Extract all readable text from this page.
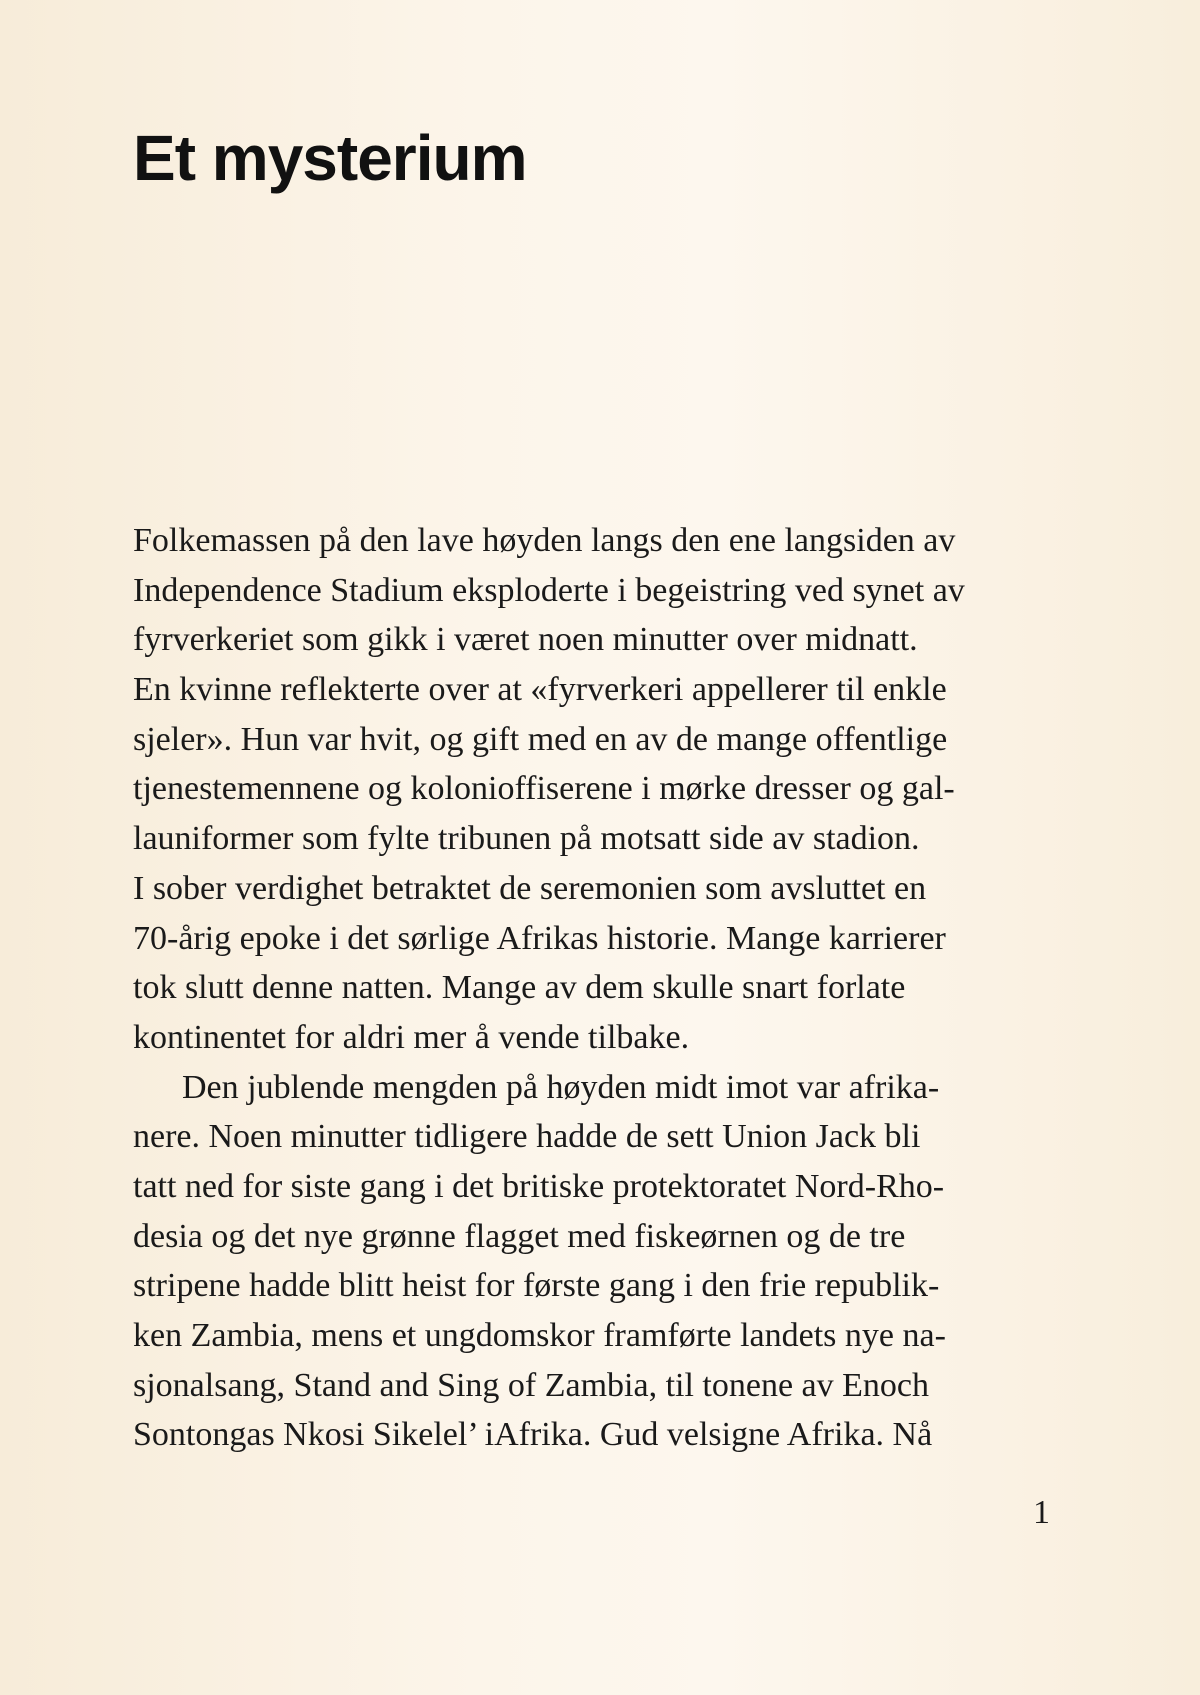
Et mysterium
Folkemassen på den lave høyden langs den ene langsiden av
Independence Stadium eksploderte i begeistring ved synet av
fyrverkeriet som gikk i været noen minutter over midnatt.
En kvinne reflekterte over at «fyrverkeri appellerer til enkle
sjeler». Hun var hvit, og gift med en av de mange offentlige
tjenestemennene og kolonioffiserene i mørke dresser og gal-
launiformer som fylte tribunen på motsatt side av stadion.
I sober verdighet betraktet de seremonien som avsluttet en
70-årig epoke i det sørlige Afrikas historie. Mange karrierer
tok slutt denne natten. Mange av dem skulle snart forlate
kontinentet for aldri mer å vende tilbake.
Den jublende mengden på høyden midt imot var afrika-
nere. Noen minutter tidligere hadde de sett Union Jack bli
tatt ned for siste gang i det britiske protektoratet Nord-Rho-
desia og det nye grønne flagget med fiskeørnen og de tre
stripene hadde blitt heist for første gang i den frie republik-
ken Zambia, mens et ungdomskor framførte landets nye na-
sjonalsang, Stand and Sing of Zambia, til tonene av Enoch
Sontongas Nkosi Sikelel’ iAfrika. Gud velsigne Afrika. Nå
1
